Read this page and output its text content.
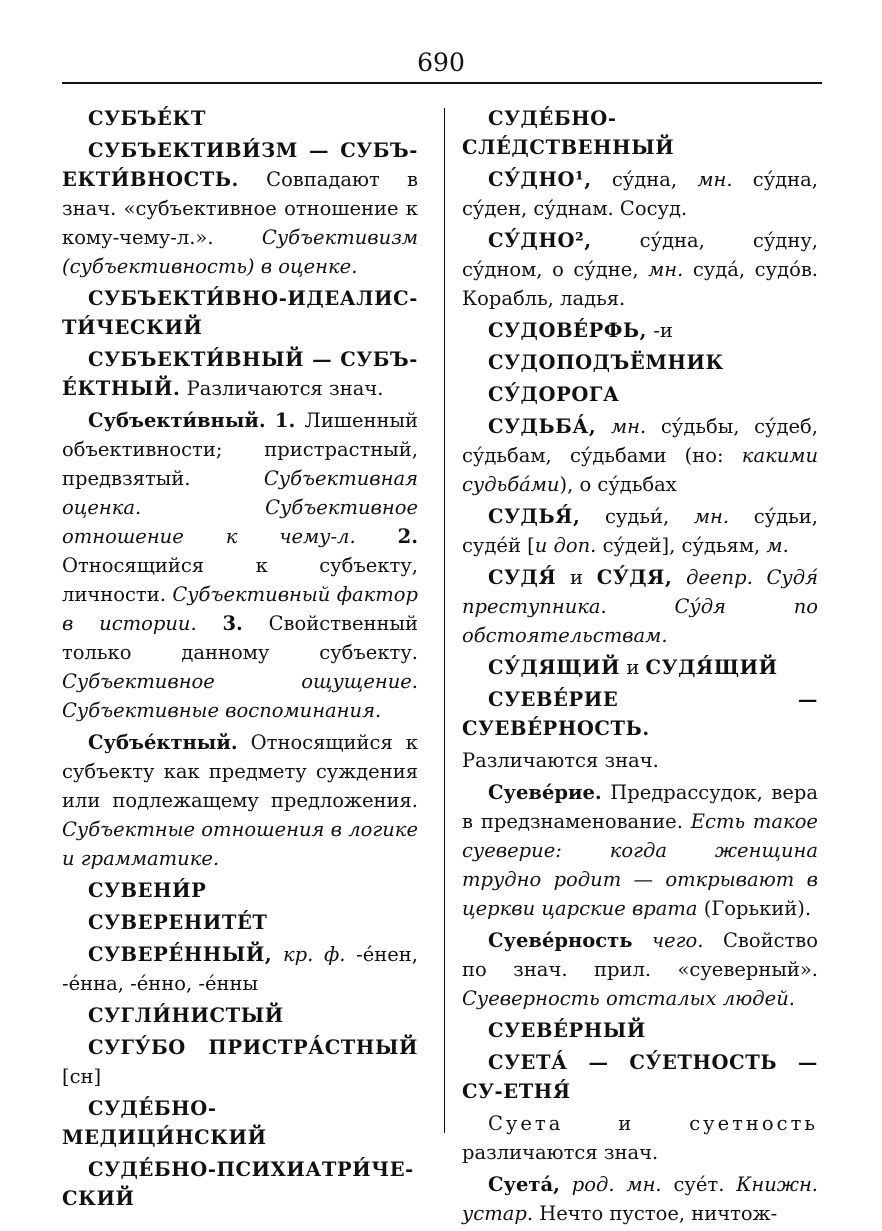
690

СУБЪЕ́КТ

СУБЪЕКТИВИ́ЗМ — СУБЪ-ЕКТИ́ВНОСТЬ. Совпадают в знач. «субъективное отношение к кому-чему-л.». Субъективизм (субъективность) в оценке.

СУБЪЕКТИ́ВНО-ИДЕАЛИС-ТИ́ЧЕСКИЙ

СУБЪЕКТИ́ВНЫЙ — СУБЪ-Е́КТНЫЙ. Различаются знач.

Субъекти́вный. 1. Лишенный объективности; пристрастный, предвзятый. Субъективная оценка. Субъективное отношение к чему-л. 2. Относящийся к субъекту, личности. Субъективный фактор в истории. 3. Свойственный только данному субъекту. Субъективное ощущение. Субъективные воспоминания.

Субъе́ктный. Относящийся к субъекту как предмету суждения или подлежащему предложения. Субъектные отношения в логике и грамматике.

СУВЕНИ́Р

СУВЕРЕНИТЕ́Т

СУВЕРЕ́ННЫЙ, кр. ф. -е́нен, -е́нна, -е́нно, -е́нны

СУГЛИ́НИСТЫЙ

СУГУ́БО ПРИСТРА́СТНЫЙ [сн]

СУДЕ́БНО-МЕДИЦИ́НСКИЙ

СУДЕ́БНО-ПСИХИАТРИ́ЧЕ-СКИЙ

СУДЕ́БНО-СЛЕ́ДСТВЕННЫЙ

СУ́ДНО¹, су́дна, мн. су́дна, су́ден, су́днам. Сосуд.

СУ́ДНО², су́дна, су́дну, су́дном, о су́дне, мн. суда́, судо́в. Корабль, ладья.

СУДОВЕ́РФЬ, -и

СУДОПОДЪЁМНИК

СУ́ДОРОГА

СУДЬБА́, мн. су́дьбы, су́деб, су́дьбам, су́дьбами (но: какими судьба́ми), о су́дьбах

СУДЬЯ́, судьи́, мн. су́дьи, суде́й [и доп. су́дей], су́дьям, м.

СУДЯ́ и СУ́ДЯ, деепр. Судя́ преступника. Су́дя по обстоятельствам.

СУ́ДЯЩИЙ и СУДЯ́ЩИЙ

СУЕВЕ́РИЕ — СУЕВЕ́РНОСТЬ.

Различаются знач.

Суеве́рие. Предрассудок, вера в предзнаменование. Есть такое суеверие: когда женщина трудно родит — открывают в церкви царские врата (Горький).

Суеве́рность чего. Свойство по знач. прил. «суеверный». Суеверность отсталых людей.

СУЕВЕ́РНЫЙ

СУЕТА́ — СУ́ЕТНОСТЬ — СУ-ЕТНЯ́

Суета и суетность различаются знач.

Суета́, род. мн. суе́т. Книжн. устар. Нечто пустое, ничтож-
